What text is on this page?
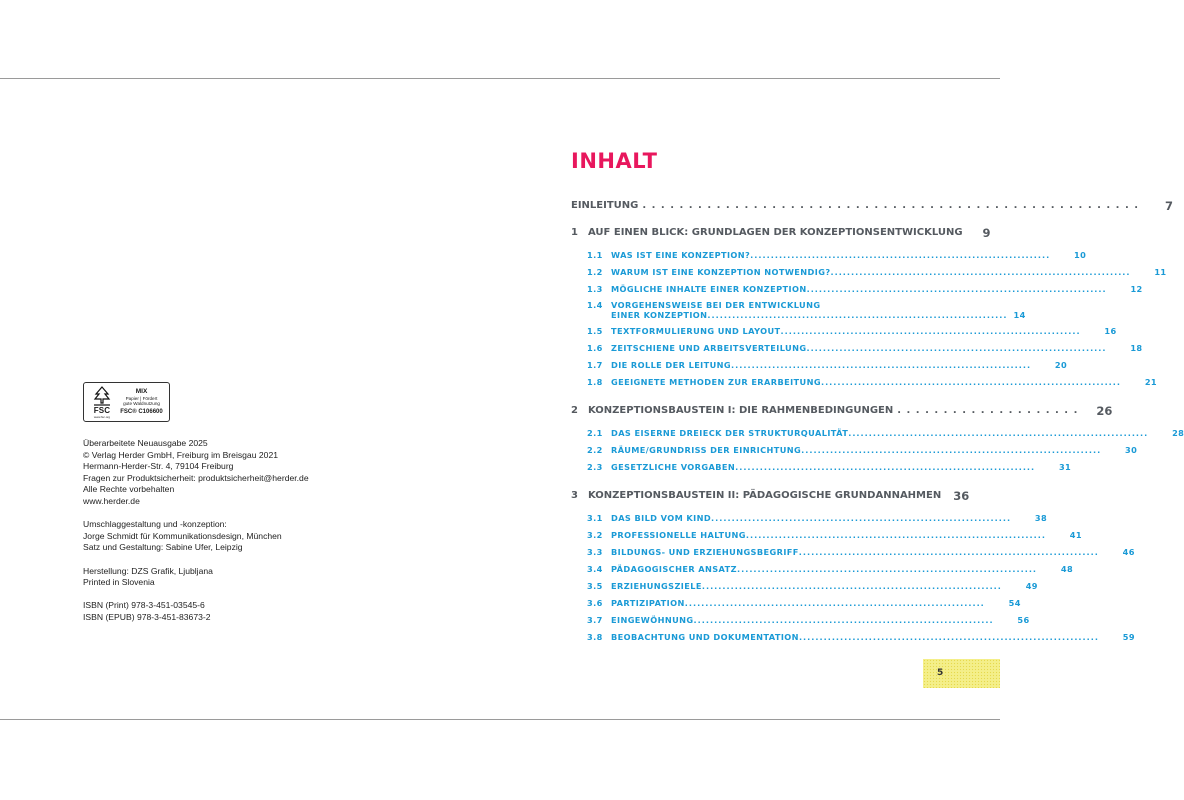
FSC
www.fsc.org
MIX
Papier | Fördert
gute Waldnutzung
FSC® C106600
Überarbeitete Neuausgabe 2025
© Verlag Herder GmbH, Freiburg im Breisgau 2021
Hermann-Herder-Str. 4, 79104 Freiburg
Fragen zur Produktsicherheit: produktsicherheit@herder.de
Alle Rechte vorbehalten
www.herder.de
Umschlaggestaltung und -konzeption:
Jorge Schmidt für Kommunikationsdesign, München
Satz und Gestaltung: Sabine Ufer, Leipzig
Herstellung: DZS Grafik, Ljubljana
Printed in Slovenia
ISBN (Print) 978-3-451-03545-6
ISBN (EPUB) 978-3-451-83673-2
INHALT
EINLEITUNG . . . . . . . . . . . . . . . . . . . . . . . . . . . . . . . . . . . . . . . . . . . . . . . . . . . . . .	7
1	AUF EINEN BLICK: GRUNDLAGEN DER KONZEPTIONSENTWICKLUNG	9
1.1	WAS IST EINE KONZEPTION? .........................................................................	10
1.2	WARUM IST EINE KONZEPTION NOTWENDIG? .........................................................................	11
1.3	MÖGLICHE INHALTE EINER KONZEPTION .........................................................................	12
1.4	VORGEHENSWEISE BEI DER ENTWICKLUNG
EINER KONZEPTION ......................................................................... 14
1.5	TEXTFORMULIERUNG UND LAYOUT .........................................................................	16
1.6	ZEITSCHIENE UND ARBEITSVERTEILUNG .........................................................................	18
1.7	DIE ROLLE DER LEITUNG .........................................................................	20
1.8	GEEIGNETE METHODEN ZUR ERARBEITUNG .........................................................................	21
2	KONZEPTIONSBAUSTEIN I: DIE RAHMENBEDINGUNGEN . . . . . . . . . . . . . . . . . . . .	26
2.1	DAS EISERNE DREIECK DER STRUKTURQUALITÄT .........................................................................	28
2.2	RÄUME/GRUNDRISS DER EINRICHTUNG .........................................................................	30
2.3	GESETZLICHE VORGABEN .........................................................................	31
3	KONZEPTIONSBAUSTEIN II: PÄDAGOGISCHE GRUNDANNAHMEN	36
3.1	DAS BILD VOM KIND .........................................................................	38
3.2	PROFESSIONELLE HALTUNG .........................................................................	41
3.3	BILDUNGS- UND ERZIEHUNGSBEGRIFF .........................................................................	46
3.4	PÄDAGOGISCHER ANSATZ .........................................................................	48
3.5	ERZIEHUNGSZIELE .........................................................................	49
3.6	PARTIZIPATION .........................................................................	54
3.7	EINGEWÖHNUNG .........................................................................	56
3.8	BEOBACHTUNG UND DOKUMENTATION .........................................................................	59
5
